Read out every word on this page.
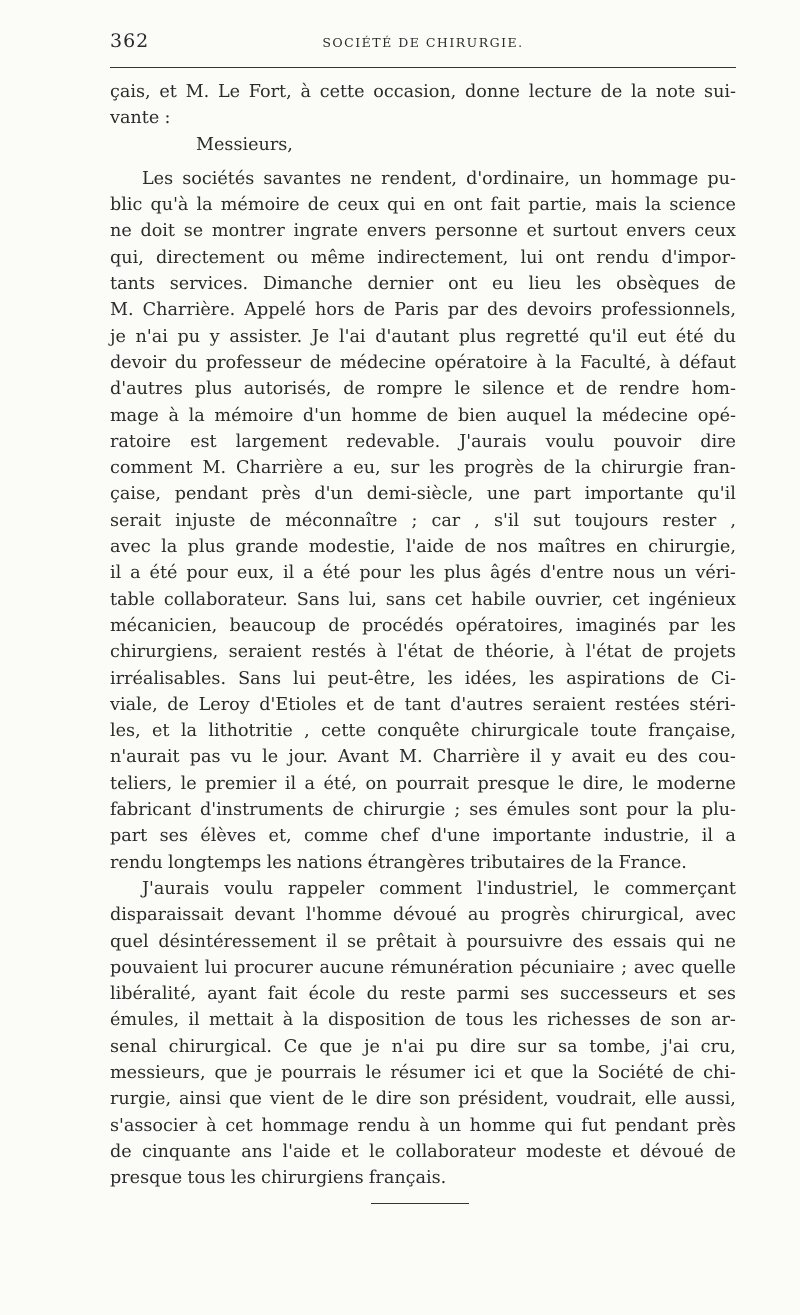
362	SOCIÉTÉ DE CHIRURGIE.
çais, et M. Le Fort, à cette occasion, donne lecture de la note sui-
vante :
Messieurs,
Les sociétés savantes ne rendent, d'ordinaire, un hommage pu-
blic qu'à la mémoire de ceux qui en ont fait partie, mais la science
ne doit se montrer ingrate envers personne et surtout envers ceux
qui, directement ou même indirectement, lui ont rendu d'impor-
tants services. Dimanche dernier ont eu lieu les obsèques de
M. Charrière. Appelé hors de Paris par des devoirs professionnels,
je n'ai pu y assister. Je l'ai d'autant plus regretté qu'il eut été du
devoir du professeur de médecine opératoire à la Faculté, à défaut
d'autres plus autorisés, de rompre le silence et de rendre hom-
mage à la mémoire d'un homme de bien auquel la médecine opé-
ratoire est largement redevable. J'aurais voulu pouvoir dire
comment M. Charrière a eu, sur les progrès de la chirurgie fran-
çaise, pendant près d'un demi-siècle, une part importante qu'il
serait injuste de méconnaître ; car , s'il sut toujours rester ,
avec la plus grande modestie, l'aide de nos maîtres en chirurgie,
il a été pour eux, il a été pour les plus âgés d'entre nous un véri-
table collaborateur. Sans lui, sans cet habile ouvrier, cet ingénieux
mécanicien, beaucoup de procédés opératoires, imaginés par les
chirurgiens, seraient restés à l'état de théorie, à l'état de projets
irréalisables. Sans lui peut-être, les idées, les aspirations de Ci-
viale, de Leroy d'Etioles et de tant d'autres seraient restées stéri-
les, et la lithotritie , cette conquête chirurgicale toute française,
n'aurait pas vu le jour. Avant M. Charrière il y avait eu des cou-
teliers, le premier il a été, on pourrait presque le dire, le moderne
fabricant d'instruments de chirurgie ; ses émules sont pour la plu-
part ses élèves et, comme chef d'une importante industrie, il a
rendu longtemps les nations étrangères tributaires de la France.
J'aurais voulu rappeler comment l'industriel, le commerçant
disparaissait devant l'homme dévoué au progrès chirurgical, avec
quel désintéressement il se prêtait à poursuivre des essais qui ne
pouvaient lui procurer aucune rémunération pécuniaire ; avec quelle
libéralité, ayant fait école du reste parmi ses successeurs et ses
émules, il mettait à la disposition de tous les richesses de son ar-
senal chirurgical. Ce que je n'ai pu dire sur sa tombe, j'ai cru,
messieurs, que je pourrais le résumer ici et que la Société de chi-
rurgie, ainsi que vient de le dire son président, voudrait, elle aussi,
s'associer à cet hommage rendu à un homme qui fut pendant près
de cinquante ans l'aide et le collaborateur modeste et dévoué de
presque tous les chirurgiens français.
